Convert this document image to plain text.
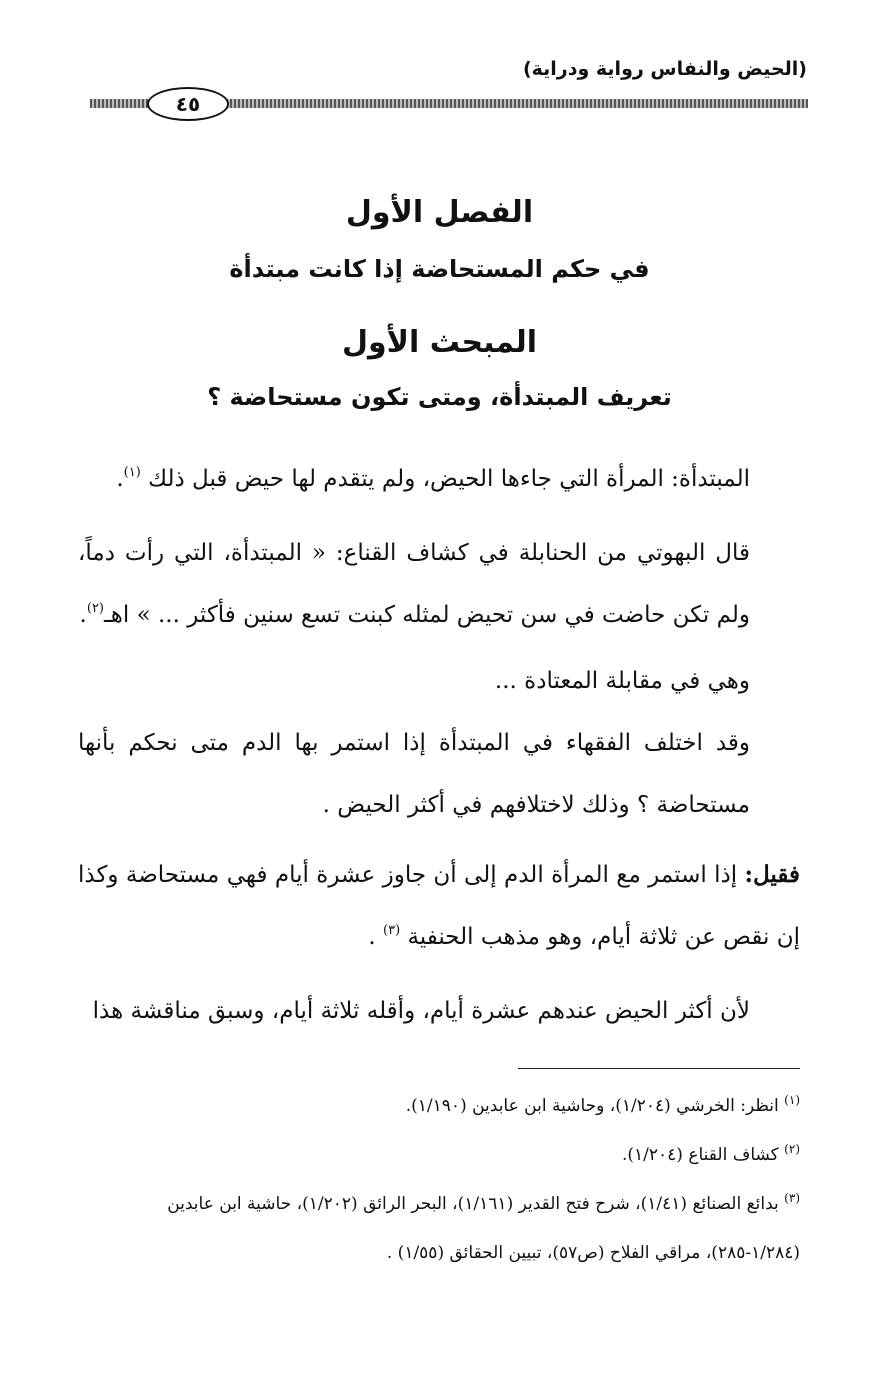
(الحيض والنفاس رواية ودراية)
٤٥
الفصل الأول
في حكم المستحاضة إذا كانت مبتدأة
المبحث الأول
تعريف المبتدأة، ومتى تكون مستحاضة ؟

المبتدأة: المرأة التي جاءها الحيض، ولم يتقدم لها حيض قبل ذلك $^{(١)}$.

قال البهوتي من الحنابلة في كشاف القناع: « المبتدأة، التي رأت دماً، ولم تكن حاضت في سن تحيض لمثله كبنت تسع سنين فأكثر ... » اهـ$^{(٢)}$.

وهي في مقابلة المعتادة ...

وقد اختلف الفقهاء في المبتدأة إذا استمر بها الدم متى نحكم بأنها مستحاضة ؟ وذلك لاختلافهم في أكثر الحيض .

فقيل: إذا استمر مع المرأة الدم إلى أن جاوز عشرة أيام فهي مستحاضة وكذا إن نقص عن ثلاثة أيام، وهو مذهب الحنفية $^{(٣)}$ .

لأن أكثر الحيض عندهم عشرة أيام، وأقله ثلاثة أيام، وسبق مناقشة هذا

$^{(١)}$ انظر: الخرشي (١/٢٠٤)، وحاشية ابن عابدين (١/١٩٠).

$^{(٢)}$ كشاف القناع (١/٢٠٤).

$^{(٣)}$ بدائع الصنائع (١/٤١)، شرح فتح القدير (١/١٦١)، البحر الرائق (١/٢٠٢)، حاشية ابن عابدين (١/٢٨٤-٢٨٥)، مراقي الفلاح (ص٥٧)، تبيين الحقائق (١/٥٥) .
